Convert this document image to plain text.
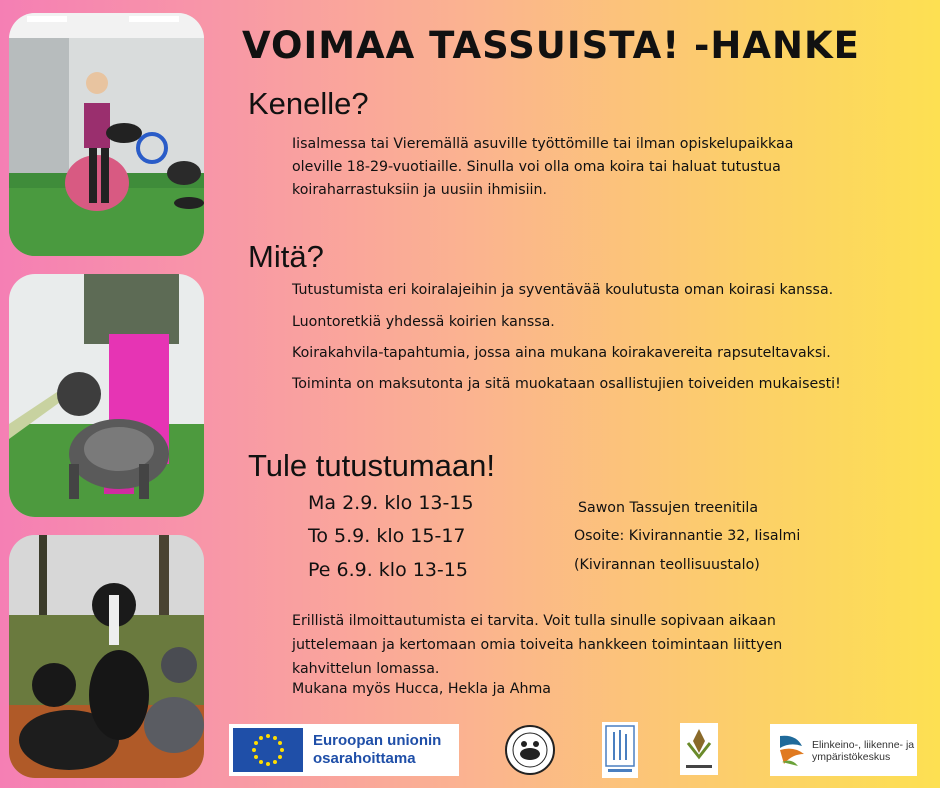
VOIMAA TASSUISTA! -HANKE
Kenelle?
Iisalmessa tai Vieremällä asuville työttömille tai ilman opiskelupaikkaa oleville 18-29-vuotiaille. Sinulla voi olla oma koira tai haluat tutustua koiraharrastuksiin ja uusiin ihmisiin.
Mitä?
Tutustumista eri koiralajeihin ja syventävää koulutusta oman koirasi kanssa.
Luontoretkiä yhdessä koirien kanssa.
Koirakahvila-tapahtumia, jossa aina mukana koirakavereita rapsuteltavaksi.
Toiminta on maksutonta ja sitä muokataan osallistujien toiveiden mukaisesti!
Tule tutustumaan!
Ma 2.9. klo 13-15
To 5.9. klo 15-17
Pe 6.9. klo 13-15
Sawon Tassujen treenitila
Osoite: Kivirannantie 32, Iisalmi
(Kivirannan teollisuustalo)
Erillistä ilmoittautumista ei tarvita. Voit tulla sinulle sopivaan aikaan juttelemaan ja kertomaan omia toiveita hankkeen toimintaan liittyen kahvittelun lomassa.
Mukana myös Hucca, Hekla ja Ahma
Euroopan unionin
osarahoittama
Elinkeino-, liikenne- ja
ympäristökeskus
